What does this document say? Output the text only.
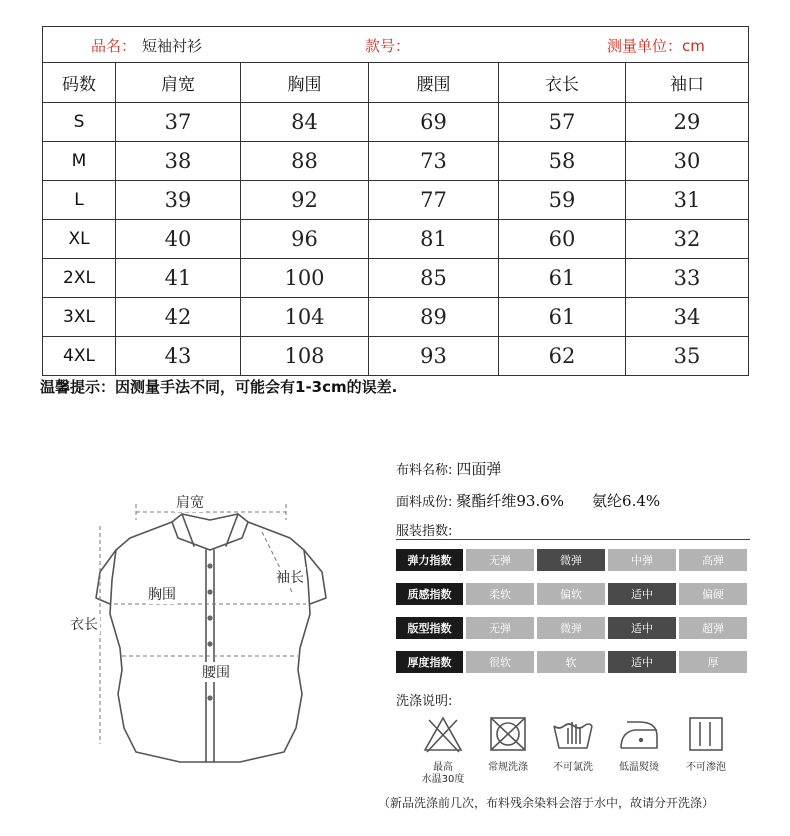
品名： 短袖衬衫 款号： 测量单位：cm					

码数	肩宽	胸围	腰围	衣长	袖口
S	37	84	69	57	29
M	38	88	73	58	30
L	39	92	77	59	31
XL	40	96	81	60	32
2XL	41	100	85	61	33
3XL	42	104	89	61	34
4XL	43	108	93	62	35
温馨提示：因测量手法不同，可能会有1-3cm的误差.
肩宽
袖长
胸围
衣长
腰围
布料名称: 四面弹
面料成份: 聚酯纤维93.6% 氨纶6.4%
服装指数:
弹力指数	无弹	微弹	中弹	高弹
质感指数	柔软	偏软	适中	偏硬
版型指数	无弹	微弹	适中	超弹
厚度指数	很软	软	适中	厚
洗涤说明:
最高
水温30度
常规洗涤	不可氯洗	低温熨烫	不可渗泡
（新品洗涤前几次，布料残余染料会溶于水中，故请分开洗涤）
